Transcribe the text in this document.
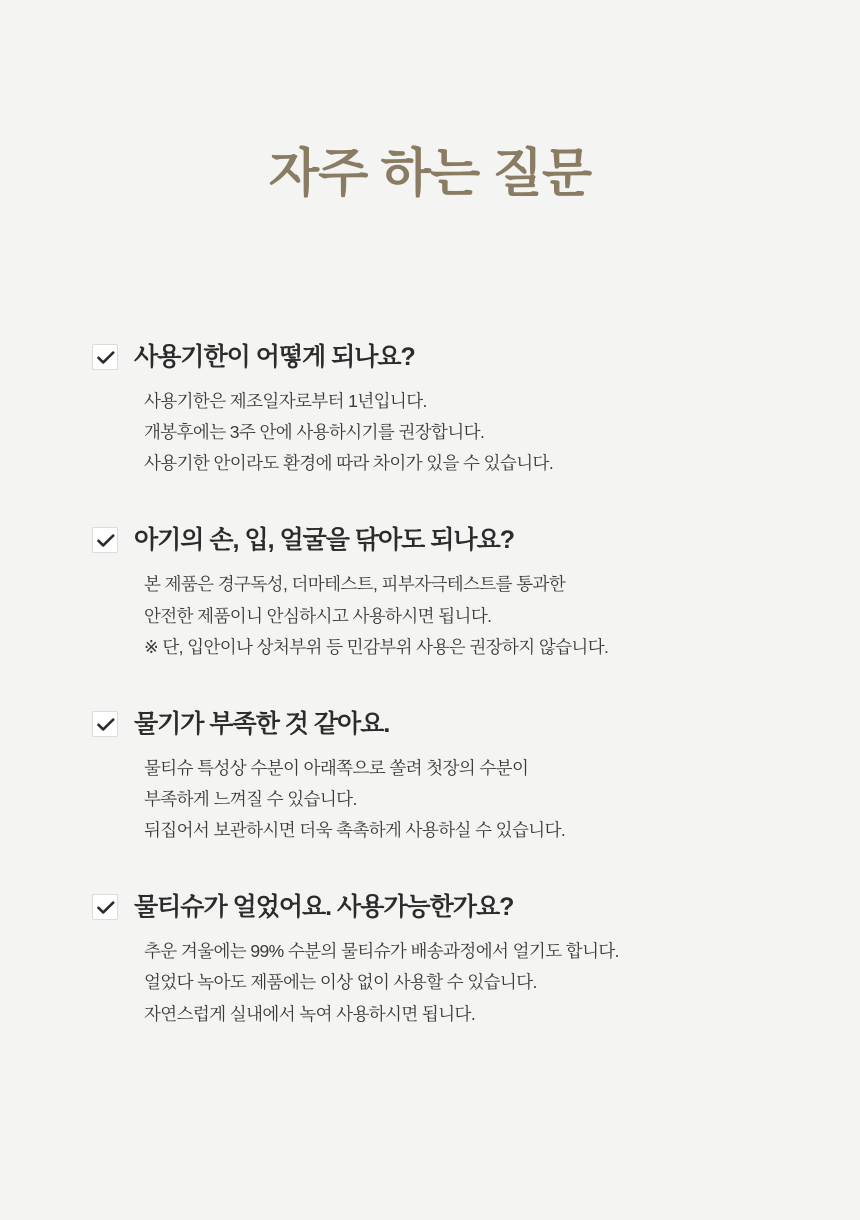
자주 하는 질문
사용기한이 어떻게 되나요?
사용기한은 제조일자로부터 1년입니다.
개봉후에는 3주 안에 사용하시기를 권장합니다.
사용기한 안이라도 환경에 따라 차이가 있을 수 있습니다.
아기의 손, 입, 얼굴을 닦아도 되나요?
본 제품은 경구독성, 더마테스트, 피부자극테스트를 통과한
안전한 제품이니 안심하시고 사용하시면 됩니다.
※ 단, 입안이나 상처부위 등 민감부위 사용은 권장하지 않습니다.
물기가 부족한 것 같아요.
물티슈 특성상 수분이 아래쪽으로 쏠려 첫장의 수분이
부족하게 느껴질 수 있습니다.
뒤집어서 보관하시면 더욱 촉촉하게 사용하실 수 있습니다.
물티슈가 얼었어요. 사용가능한가요?
추운 겨울에는 99% 수분의 물티슈가 배송과정에서 얼기도 합니다.
얼었다 녹아도 제품에는 이상 없이 사용할 수 있습니다.
자연스럽게 실내에서 녹여 사용하시면 됩니다.
